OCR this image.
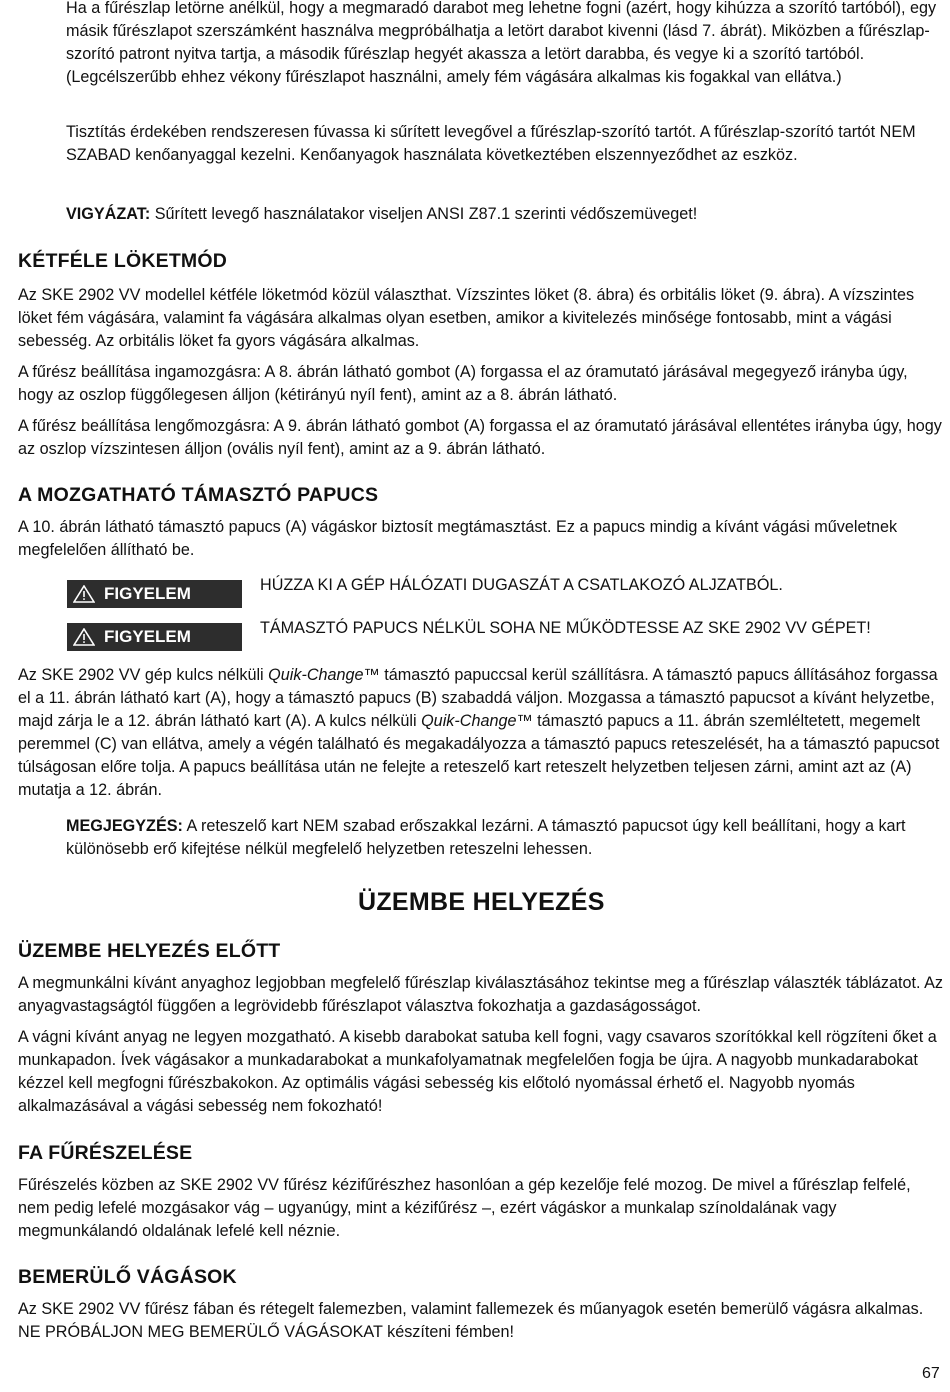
Ha a fűrészlap letörne anélkül, hogy a megmaradó darabot meg lehetne fogni (azért, hogy kihúzza a szorító tartóból), egy másik fűrészlapot szerszámként használva megpróbálhatja a letört darabot kivenni (lásd 7. ábrát). Miközben a fűrészlap-szorító patront nyitva tartja, a második fűrészlap hegyét akassza a letört darabba, és vegye ki a szorító tartóból. (Legcélszerűbb ehhez vékony fűrészlapot használni, amely fém vágására alkalmas kis fogakkal van ellátva.)

Tisztítás érdekében rendszeresen fúvassa ki sűrített levegővel a fűrészlap-szorító tartót. A fűrészlap-szorító tartót NEM SZABAD kenőanyaggal kezelni. Kenőanyagok használata következtében elszennyeződhet az eszköz.

VIGYÁZAT: Sűrített levegő használatakor viseljen ANSI Z87.1 szerinti védőszemüveget!

KÉTFÉLE LÖKETMÓD

Az SKE 2902 VV modellel kétféle löketmód közül választhat. Vízszintes löket (8. ábra) és orbitális löket (9. ábra). A vízszintes löket fém vágására, valamint fa vágására alkalmas olyan esetben, amikor a kivitelezés minősége fontosabb, mint a vágási sebesség. Az orbitális löket fa gyors vágására alkalmas.

A fűrész beállítása ingamozgásra: A 8. ábrán látható gombot (A) forgassa el az óramutató járásával megegyező irányba úgy, hogy az oszlop függőlegesen álljon (kétirányú nyíl fent), amint az a 8. ábrán látható.

A fűrész beállítása lengőmozgásra: A 9. ábrán látható gombot (A) forgassa el az óramutató járásával ellentétes irányba úgy, hogy az oszlop vízszintesen álljon (ovális nyíl fent), amint az a 9. ábrán látható.

A MOZGATHATÓ TÁMASZTÓ PAPUCS

A 10. ábrán látható támasztó papucs (A) vágáskor biztosít megtámasztást. Ez a papucs mindig a kívánt vágási műveletnek megfelelően állítható be.

FIGYELEM	HÚZZA KI A GÉP HÁLÓZATI DUGASZÁT A CSATLAKOZÓ ALJZATBÓL.

FIGYELEM	TÁMASZTÓ PAPUCS NÉLKÜL SOHA NE MŰKÖDTESSE AZ SKE 2902 VV GÉPET!

Az SKE 2902 VV gép kulcs nélküli Quik-Change™ támasztó papuccsal kerül szállításra. A támasztó papucs állításához forgassa el a 11. ábrán látható kart (A), hogy a támasztó papucs (B) szabaddá váljon. Mozgassa a támasztó papucsot a kívánt helyzetbe, majd zárja le a 12. ábrán látható kart (A). A kulcs nélküli Quik-Change™ támasztó papucs a 11. ábrán szemléltetett, megemelt peremmel (C) van ellátva, amely a végén található és megakadályozza a támasztó papucs reteszelését, ha a támasztó papucsot túlságosan előre tolja. A papucs beállítása után ne felejte a reteszelő kart reteszelt helyzetben teljesen zárni, amint azt az (A) mutatja a 12. ábrán.

MEGJEGYZÉS: A reteszelő kart NEM szabad erőszakkal lezárni. A támasztó papucsot úgy kell beállítani, hogy a kart különösebb erő kifejtése nélkül megfelelő helyzetben reteszelni lehessen.

ÜZEMBE HELYEZÉS
ÜZEMBE HELYEZÉS ELŐTT

A megmunkálni kívánt anyaghoz legjobban megfelelő fűrészlap kiválasztásához tekintse meg a fűrészlap választék táblázatot. Az anyagvastagságtól függően a legrövidebb fűrészlapot választva fokozhatja a gazdaságosságot.

A vágni kívánt anyag ne legyen mozgatható. A kisebb darabokat satuba kell fogni, vagy csavaros szorítókkal kell rögzíteni őket a munkapadon. Ívek vágásakor a munkadarabokat a munkafolyamatnak megfelelően fogja be újra. A nagyobb munkadarabokat kézzel kell megfogni fűrészbakokon. Az optimális vágási sebesség kis előtoló nyomással érhető el. Nagyobb nyomás alkalmazásával a vágási sebesség nem fokozható!

FA FŰRÉSZELÉSE

Fűrészelés közben az SKE 2902 VV fűrész kézifűrészhez hasonlóan a gép kezelője felé mozog. De mivel a fűrészlap felfelé, nem pedig lefelé mozgásakor vág – ugyanúgy, mint a kézifűrész –, ezért vágáskor a munkalap színoldalának vagy megmunkálandó oldalának lefelé kell néznie.

BEMERÜLŐ VÁGÁSOK

Az SKE 2902 VV fűrész fában és rétegelt falemezben, valamint fallemezek és műanyagok esetén bemerülő vágásra alkalmas. NE PRÓBÁLJON MEG BEMERÜLŐ VÁGÁSOKAT készíteni fémben!

67
